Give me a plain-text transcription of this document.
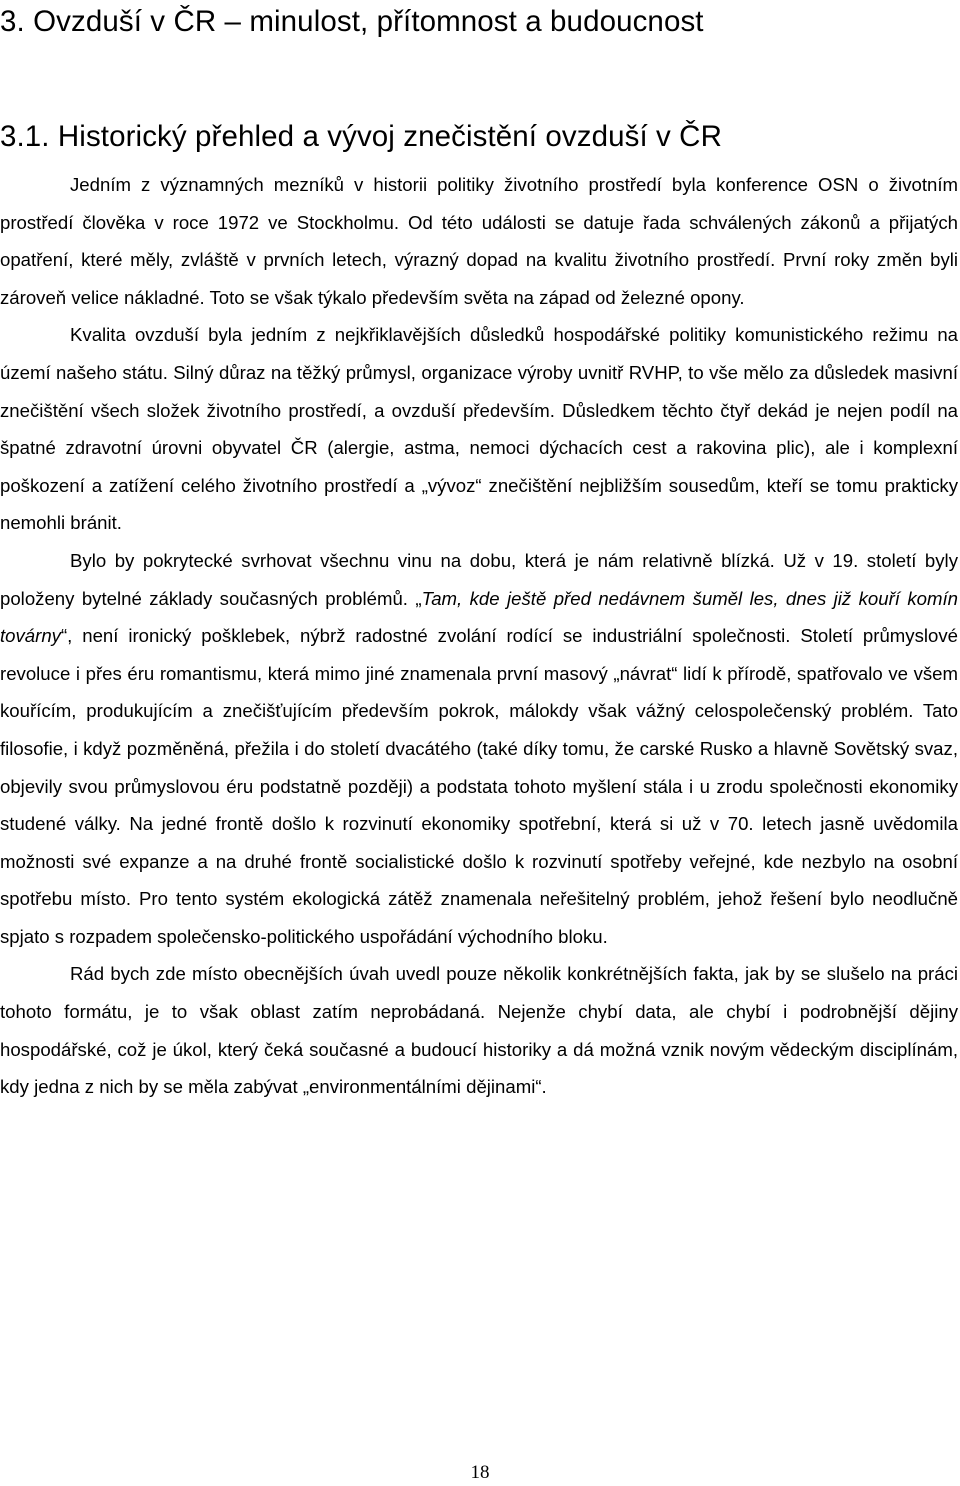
3. Ovzduší v ČR – minulost, přítomnost a budoucnost
3.1. Historický přehled a vývoj znečistění ovzduší v ČR

Jedním z významných mezníků v historii politiky životního prostředí byla konference OSN o životním prostředí člověka v roce 1972 ve Stockholmu. Od této události se datuje řada schválených zákonů a přijatých opatření, které měly, zvláště v prvních letech, výrazný dopad na kvalitu životního prostředí. První roky změn byli zároveň velice nákladné. Toto se však týkalo především světa na západ od železné opony.

Kvalita ovzduší byla jedním z nejkřiklavějších důsledků hospodářské politiky komunistického režimu na území našeho státu. Silný důraz na těžký průmysl, organizace výroby uvnitř RVHP, to vše mělo za důsledek masivní znečištění všech složek životního prostředí, a ovzduší především. Důsledkem těchto čtyř dekád je nejen podíl na špatné zdravotní úrovni obyvatel ČR (alergie, astma, nemoci dýchacích cest a rakovina plic), ale i komplexní poškození a zatížení celého životního prostředí a „vývoz“ znečištění nejbližším sousedům, kteří se tomu prakticky nemohli bránit.

Bylo by pokrytecké svrhovat všechnu vinu na dobu, která je nám relativně blízká. Už v 19. století byly položeny bytelné základy současných problémů. „Tam, kde ještě před nedávnem šuměl les, dnes již kouří komín továrny“, není ironický pošklebek, nýbrž radostné zvolání rodící se industriální společnosti. Století průmyslové revoluce i přes éru romantismu, která mimo jiné znamenala první masový „návrat“ lidí k přírodě, spatřovalo ve všem kouřícím, produkujícím a znečišťujícím především pokrok, málokdy však vážný celospolečenský problém. Tato filosofie, i když pozměněná, přežila i do století dvacátého (také díky tomu, že carské Rusko a hlavně Sovětský svaz, objevily svou průmyslovou éru podstatně později) a podstata tohoto myšlení stála i u zrodu společnosti ekonomiky studené války. Na jedné frontě došlo k rozvinutí ekonomiky spotřební, která si už v 70. letech jasně uvědomila možnosti své expanze a na druhé frontě socialistické došlo k rozvinutí spotřeby veřejné, kde nezbylo na osobní spotřebu místo. Pro tento systém ekologická zátěž znamenala neřešitelný problém, jehož řešení bylo neodlučně spjato s rozpadem společensko-politického uspořádání východního bloku.

Rád bych zde místo obecnějších úvah uvedl pouze několik konkrétnějších fakta, jak by se slušelo na práci tohoto formátu, je to však oblast zatím neprobádaná. Nejenže chybí data, ale chybí i podrobnější dějiny hospodářské, což je úkol, který čeká současné a budoucí historiky a dá možná vznik novým vědeckým disciplínám, kdy jedna z nich by se měla zabývat „environmentálními dějinami“.

18
